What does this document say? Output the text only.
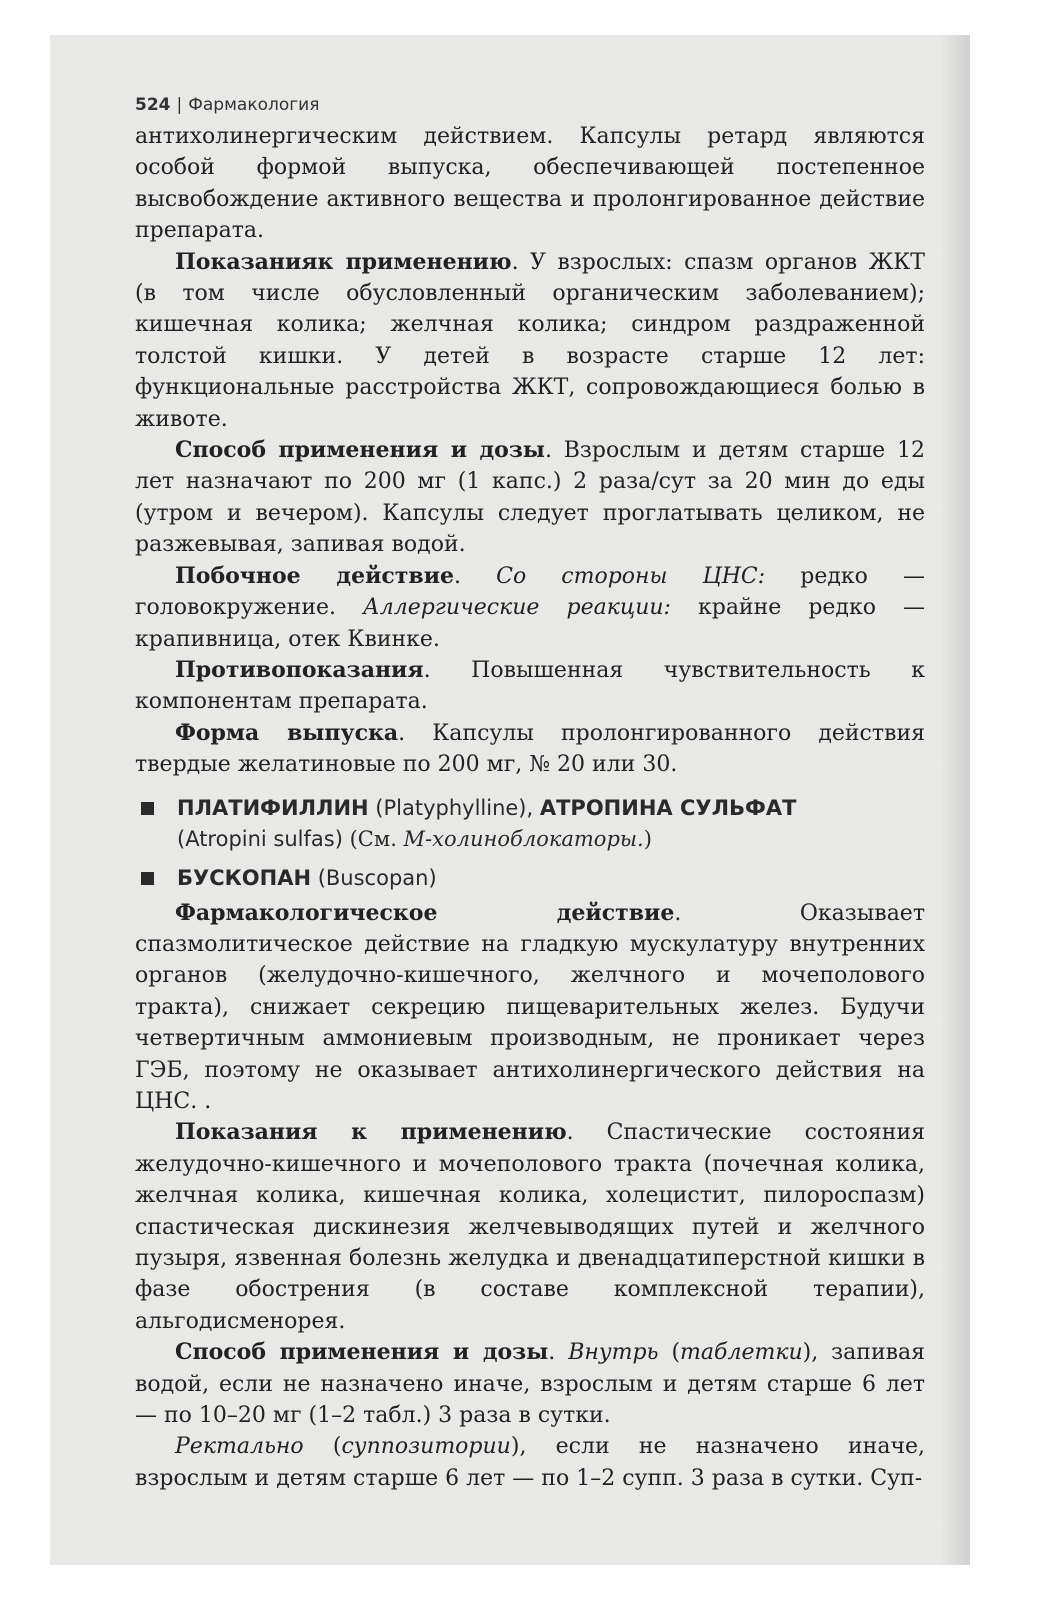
524 | Фармакология

антихолинергическим действием. Капсулы ретард являются особой формой выпуска, обеспечивающей постепенное высвобождение активного вещества и пролонгированное действие препарата.

Показанияк применению. У взрослых: спазм органов ЖКТ (в том числе обусловленный органическим заболеванием); кишечная колика; желчная колика; синдром раздраженной толстой кишки. У детей в возрасте старше 12 лет: функциональные расстройства ЖКТ, сопровождающиеся болью в животе.

Способ применения и дозы. Взрослым и детям старше 12 лет назначают по 200 мг (1 капс.) 2 раза/сут за 20 мин до еды (утром и вечером). Капсулы следует проглатывать целиком, не разжевывая, запивая водой.

Побочное действие. Со стороны ЦНС: редко — головокружение. Аллергические реакции: крайне редко — крапивница, отек Квинке.

Противопоказания. Повышенная чувствительность к компонентам препарата.

Форма выпуска. Капсулы пролонгированного действия твердые желатиновые по 200 мг, № 20 или 30.

ПЛАТИФИЛЛИН (Platyphylline), АТРОПИНА СУЛЬФАТ
(Atropini sulfas) (См. М-холиноблокаторы.)
БУСКОПАН (Buscopan)

Фармакологическое действие. Оказывает спазмолитическое действие на гладкую мускулатуру внутренних органов (желудочно-кишечного, желчного и мочеполового тракта), снижает секрецию пищеварительных желез. Будучи четвертичным аммониевым производным, не проникает через ГЭБ, поэтому не оказывает антихолинергического действия на ЦНС. .

Показания к применению. Спастические состояния желудочно-кишечного и мочеполового тракта (почечная колика, желчная колика, кишечная колика, холецистит, пилороспазм) спастическая дискинезия желчевыводящих путей и желчного пузыря, язвенная болезнь желудка и двенадцатиперстной кишки в фазе обострения (в составе комплексной терапии), альгодисменорея.

Способ применения и дозы. Внутрь (таблетки), запивая водой, если не назначено иначе, взрослым и детям старше 6 лет — по 10–20 мг (1–2 табл.) 3 раза в сутки.

Ректально (суппозитории), если не назначено иначе, взрослым и детям старше 6 лет — по 1–2 супп. 3 раза в сутки. Суп-
